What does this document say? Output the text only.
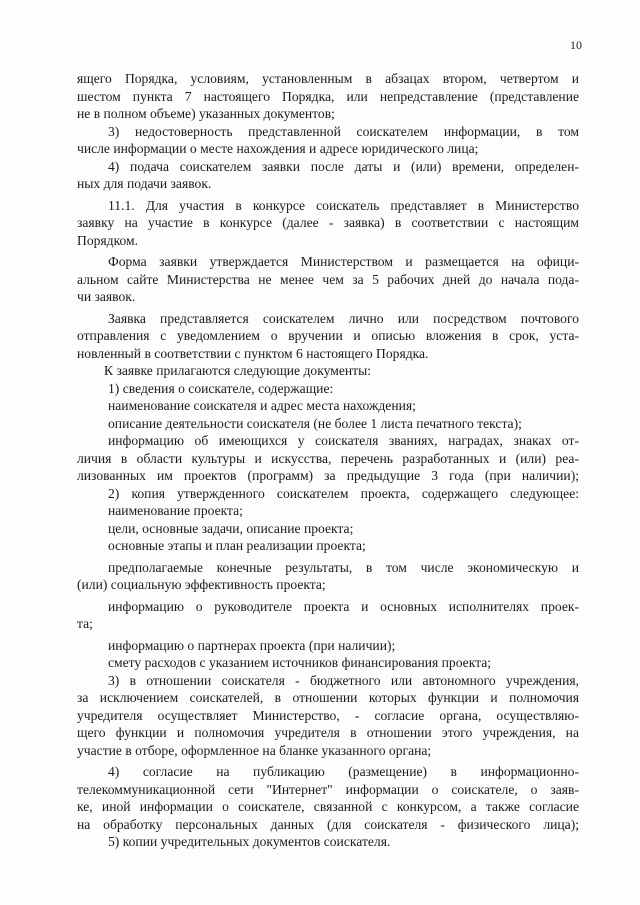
10
ящего Порядка, условиям, установленным в абзацах втором, четвертом и
шестом пункта 7 настоящего Порядка, или непредставление (представление
не в полном объеме) указанных документов;
3) недостоверность представленной соискателем информации, в том
числе информации о месте нахождения и адресе юридического лица;
4) подача соискателем заявки после даты и (или) времени, определен-
ных для подачи заявок.
11.1. Для участия в конкурсе соискатель представляет в Министерство
заявку на участие в конкурсе (далее - заявка) в соответствии с настоящим
Порядком.
Форма заявки утверждается Министерством и размещается на офици-
альном сайте Министерства не менее чем за 5 рабочих дней до начала пода-
чи заявок.
Заявка представляется соискателем лично или посредством почтового
отправления с уведомлением о вручении и описью вложения в срок, уста-
новленный в соответствии с пунктом 6 настоящего Порядка.
К заявке прилагаются следующие документы:
1) сведения о соискателе, содержащие:
наименование соискателя и адрес места нахождения;
описание деятельности соискателя (не более 1 листа печатного текста);
информацию об имеющихся у соискателя званиях, наградах, знаках от-
личия в области культуры и искусства, перечень разработанных и (или) реа-
лизованных им проектов (программ) за предыдущие 3 года (при наличии);
2) копия утвержденного соискателем проекта, содержащего следующее:
наименование проекта;
цели, основные задачи, описание проекта;
основные этапы и план реализации проекта;
предполагаемые конечные результаты, в том числе экономическую и
(или) социальную эффективность проекта;
информацию о руководителе проекта и основных исполнителях проек-
та;
информацию о партнерах проекта (при наличии);
смету расходов с указанием источников финансирования проекта;
3) в отношении соискателя - бюджетного или автономного учреждения,
за исключением соискателей, в отношении которых функции и полномочия
учредителя осуществляет Министерство, - согласие органа, осуществляю-
щего функции и полномочия учредителя в отношении этого учреждения, на
участие в отборе, оформленное на бланке указанного органа;
4) согласие на публикацию (размещение) в информационно-
телекоммуникационной сети "Интернет" информации о соискателе, о заяв-
ке, иной информации о соискателе, связанной с конкурсом, а также согласие
на обработку персональных данных (для соискателя - физического лица);
5) копии учредительных документов соискателя.
